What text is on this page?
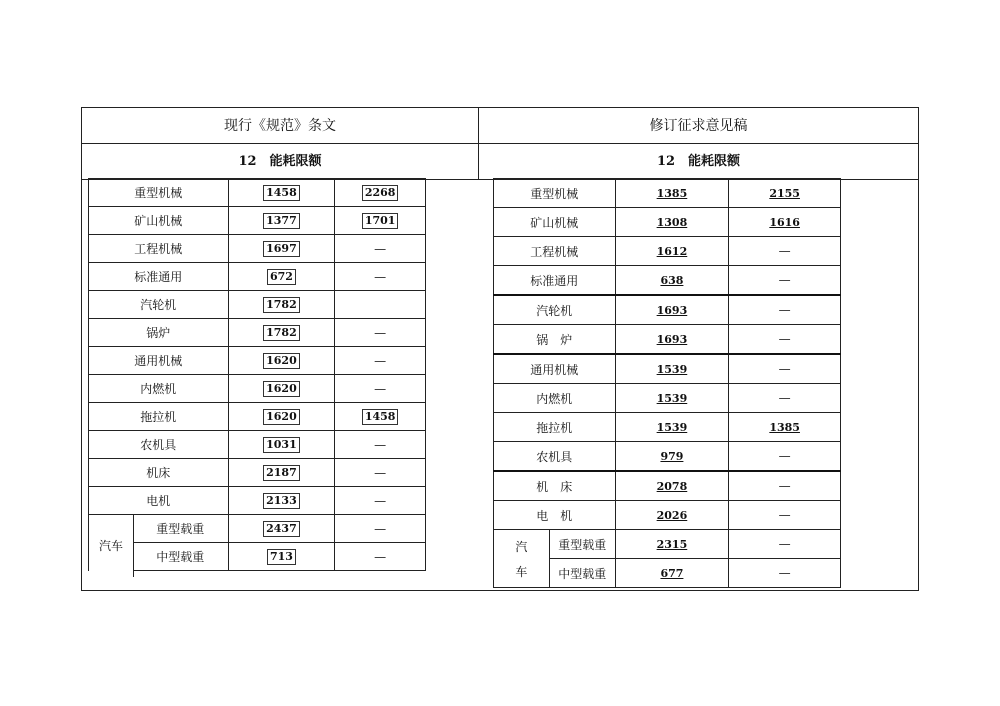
现行《规范》条文	修订征求意见稿
12　能耗限额	12　能耗限额
重型机械	1458	2268
矿山机械	1377	1701
工程机械	1697	—
标准通用	672	—
汽轮机	1782	
锅炉	1782	—
通用机械	1620	—
内燃机	1620	—
拖拉机	1620	1458
农机具	1031	—
机床	2187	—
电机	2133	—

汽车
重型载重	2437	—

中型载重	713	—
重型机械		1385	2155
矿山机械		1308	1616
工程机械		1612	—
标准通用		638	—
汽轮机		1693	—
锅　炉		1693	—
通用机械		1539	—
内燃机		1539	—
拖拉机		1539	1385
农机具		979	—
机　床		2078	—
电　机		2026	—

汽
车	重型载重	2315	—
	中型载重	677	—
